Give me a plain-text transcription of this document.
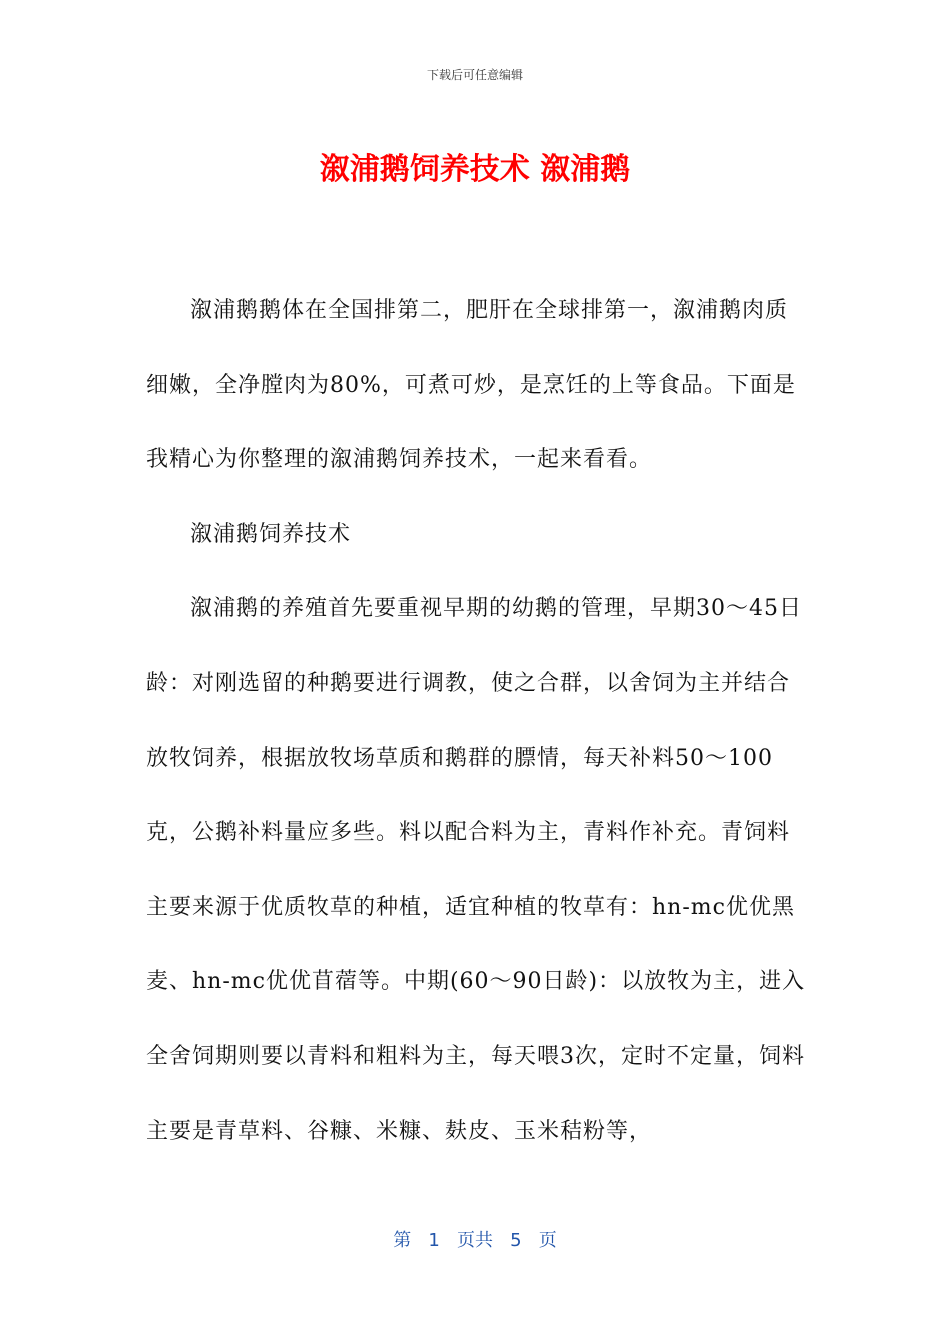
下载后可任意编辑
溆浦鹅饲养技术 溆浦鹅

溆浦鹅鹅体在全国排第二，肥肝在全球排第一，溆浦鹅肉质细嫩，全净膛肉为80%，可煮可炒，是烹饪的上等食品。下面是我精心为你整理的溆浦鹅饲养技术，一起来看看。

溆浦鹅饲养技术

溆浦鹅的养殖首先要重视早期的幼鹅的管理，早期30～45日龄：对刚选留的种鹅要进行调教，使之合群，以舍饲为主并结合放牧饲养，根据放牧场草质和鹅群的膘情，每天补料50～100克，公鹅补料量应多些。料以配合料为主，青料作补充。青饲料主要来源于优质牧草的种植，适宜种植的牧草有：hn-mc优优黑麦、hn-mc优优苜蓿等。中期(60～90日龄)：以放牧为主，进入全舍饲期则要以青料和粗料为主，每天喂3次，定时不定量，饲料主要是青草料、谷糠、米糠、麸皮、玉米秸粉等，

第 1 页共 5 页
